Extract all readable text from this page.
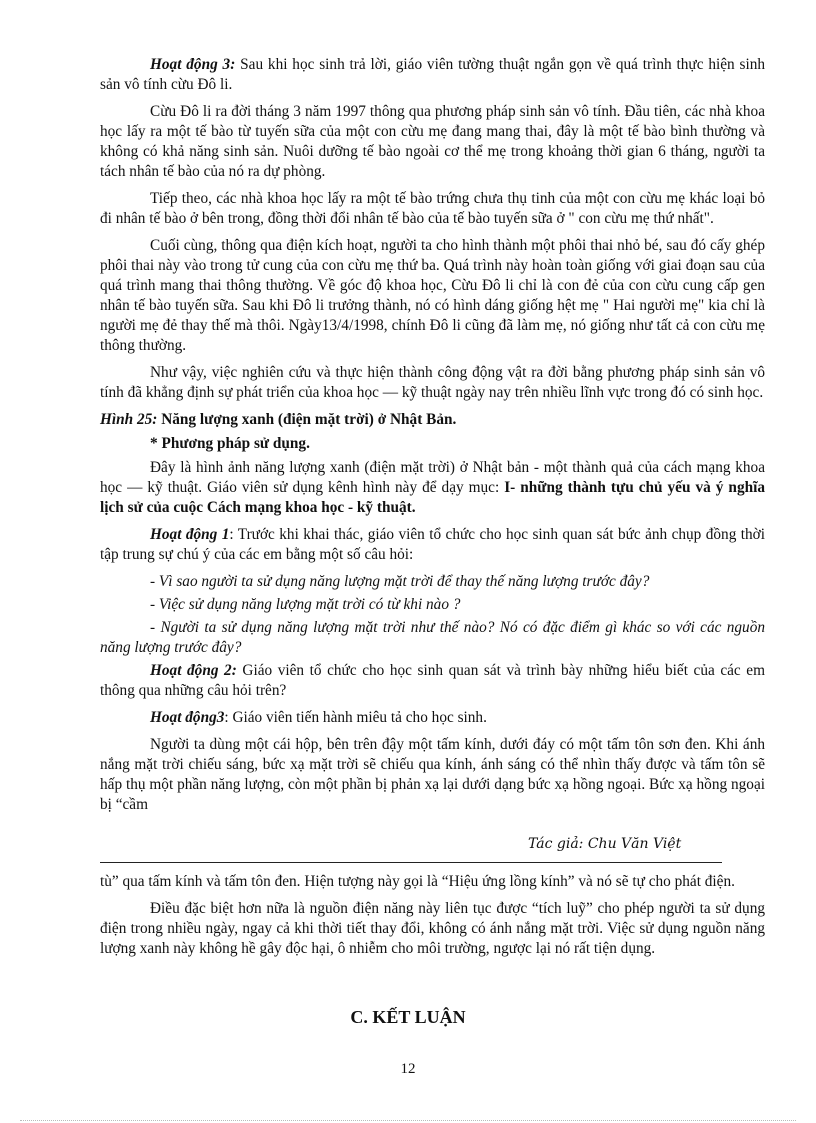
Hoạt động 3: Sau khi học sinh trả lời, giáo viên tường thuật ngắn gọn về quá trình thực hiện sinh sản vô tính cừu Đô li.

Cừu Đô li ra đời tháng 3 năm 1997 thông qua phương pháp sinh sản vô tính. Đầu tiên, các nhà khoa học lấy ra một tế bào từ tuyến sữa của một con cừu mẹ đang mang thai, đây là một tế bào bình thường và không có khả năng sinh sản. Nuôi dưỡng tế bào ngoài cơ thể mẹ trong khoảng thời gian 6 tháng, người ta tách nhân tế bào của nó ra dự phòng.

Tiếp theo, các nhà khoa học lấy ra một tế bào trứng chưa thụ tinh của một con cừu mẹ khác loại bỏ đi nhân tế bào ở bên trong, đồng thời đổi nhân tế bào của tế bào tuyến sữa ở " con cừu mẹ thứ nhất".

Cuối cùng, thông qua điện kích hoạt, người ta cho hình thành một phôi thai nhỏ bé, sau đó cấy ghép phôi thai này vào trong tử cung của con cừu mẹ thứ ba. Quá trình này hoàn toàn giống với giai đoạn sau của quá trình mang thai thông thường. Về góc độ khoa học, Cừu Đô li chỉ là con đẻ của con cừu cung cấp gen nhân tế bào tuyến sữa. Sau khi Đô li trưởng thành, nó có hình dáng giống hệt mẹ " Hai người mẹ" kia chỉ là người mẹ đẻ thay thế mà thôi. Ngày13/4/1998, chính Đô li cũng đã làm mẹ, nó giống như tất cả con cừu mẹ thông thường.

Như vậy, việc nghiên cứu và thực hiện thành công động vật ra đời bằng phương pháp sinh sản vô tính đã khẳng định sự phát triển của khoa học — kỹ thuật ngày nay trên nhiều lĩnh vực trong đó có sinh học.

Hình 25: Năng lượng xanh (điện mặt trời) ở Nhật Bản.

* Phương pháp sử dụng.

Đây là hình ảnh năng lượng xanh (điện mặt trời) ở Nhật bản - một thành quả của cách mạng khoa học — kỹ thuật. Giáo viên sử dụng kênh hình này để dạy mục: I- những thành tựu chủ yếu và ý nghĩa lịch sử của cuộc Cách mạng khoa học - kỹ thuật.

Hoạt động 1: Trước khi khai thác, giáo viên tổ chức cho học sinh quan sát bức ảnh chụp đồng thời tập trung sự chú ý của các em bằng một số câu hỏi:

- Vì sao người ta sử dụng năng lượng mặt trời để thay thế năng lượng trước đây?

- Việc sử dụng năng lượng mặt trời có từ khi nào ?

- Người ta sử dụng năng lượng mặt trời như thế nào? Nó có đặc điểm gì khác so với các nguồn năng lượng trước đây?

Hoạt động 2: Giáo viên tổ chức cho học sinh quan sát và trình bày những hiểu biết của các em thông qua những câu hỏi trên?

Hoạt động3: Giáo viên tiến hành miêu tả cho học sinh.

Người ta dùng một cái hộp, bên trên đậy một tấm kính, dưới đáy có một tấm tôn sơn đen. Khi ánh nắng mặt trời chiếu sáng, bức xạ mặt trời sẽ chiếu qua kính, ánh sáng có thể nhìn thấy được và tấm tôn sẽ hấp thụ một phần năng lượng, còn một phần bị phản xạ lại dưới dạng bức xạ hồng ngoại. Bức xạ hồng ngoại bị “cầm

Tác giả: Chu Văn Việt

tù” qua tấm kính và tấm tôn đen. Hiện tượng này gọi là “Hiệu ứng lồng kính” và nó sẽ tự cho phát điện.

Điều đặc biệt hơn nữa là nguồn điện năng này liên tục được “tích luỹ” cho phép người ta sử dụng điện trong nhiều ngày, ngay cả khi thời tiết thay đổi, không có ánh nắng mặt trời. Việc sử dụng nguồn năng lượng xanh này không hề gây độc hại, ô nhiễm cho môi trường, ngược lại nó rất tiện dụng.

C. KẾT LUẬN
12
